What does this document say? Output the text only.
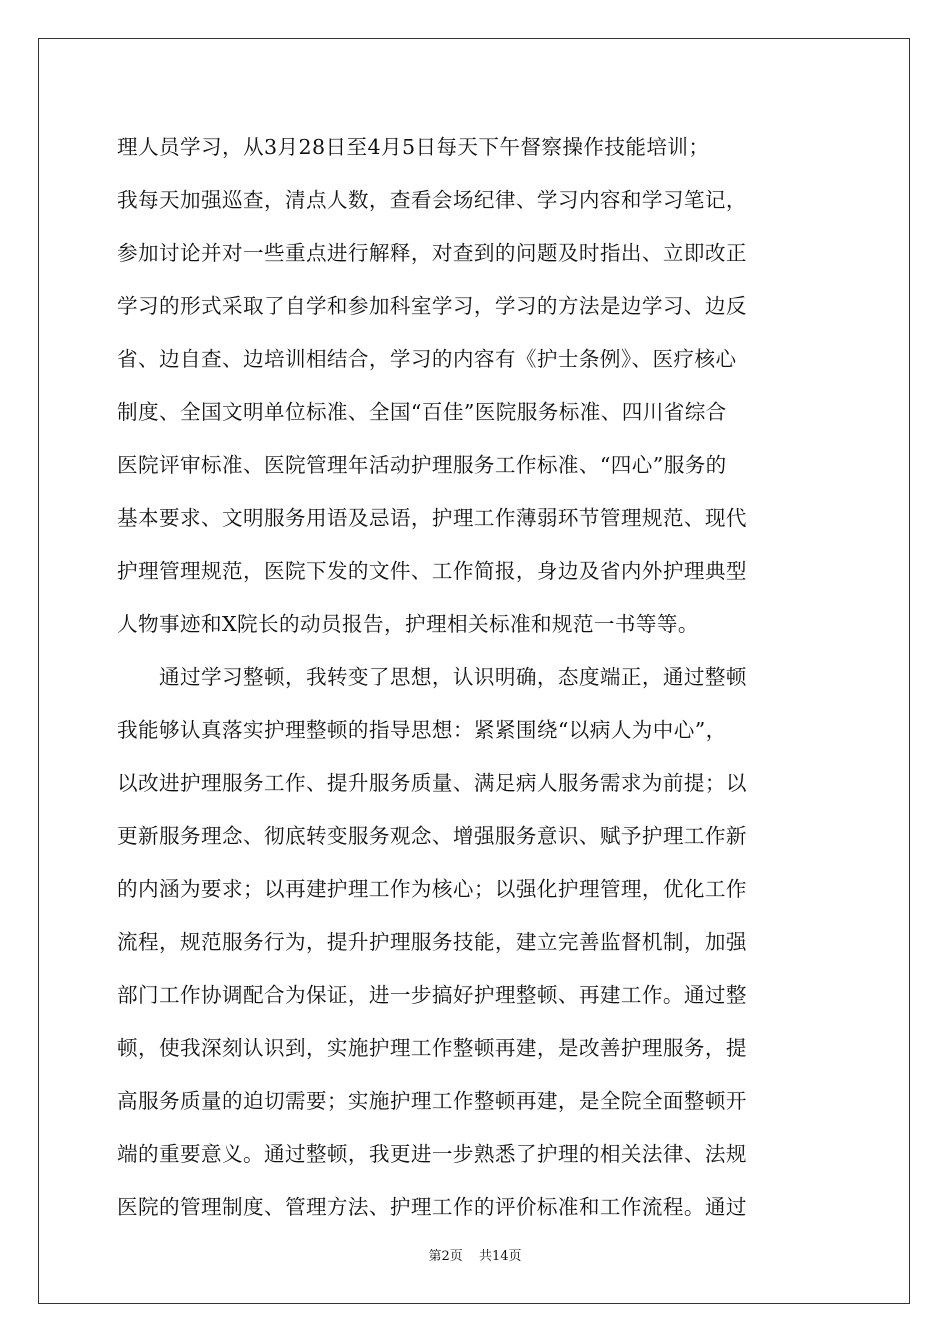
理人员学习，从3月28日至4月5日每天下午督察操作技能培训；
我每天加强巡查，清点人数，查看会场纪律、学习内容和学习笔记，
参加讨论并对一些重点进行解释，对查到的问题及时指出、立即改正
学习的形式采取了自学和参加科室学习，学习的方法是边学习、边反
省、边自查、边培训相结合，学习的内容有《护士条例》、医疗核心
制度、全国文明单位标准、全国“百佳”医院服务标准、四川省综合
医院评审标准、医院管理年活动护理服务工作标准、“四心”服务的
基本要求、文明服务用语及忌语，护理工作薄弱环节管理规范、现代
护理管理规范，医院下发的文件、工作简报，身边及省内外护理典型
人物事迹和X院长的动员报告，护理相关标准和规范一书等等。
　　通过学习整顿，我转变了思想，认识明确，态度端正，通过整顿
我能够认真落实护理整顿的指导思想：紧紧围绕“以病人为中心”，
以改进护理服务工作、提升服务质量、满足病人服务需求为前提；以
更新服务理念、彻底转变服务观念、增强服务意识、赋予护理工作新
的内涵为要求；以再建护理工作为核心；以强化护理管理，优化工作
流程，规范服务行为，提升护理服务技能，建立完善监督机制，加强
部门工作协调配合为保证，进一步搞好护理整顿、再建工作。通过整
顿，使我深刻认识到，实施护理工作整顿再建，是改善护理服务，提
高服务质量的迫切需要；实施护理工作整顿再建，是全院全面整顿开
端的重要意义。通过整顿，我更进一步熟悉了护理的相关法律、法规
医院的管理制度、管理方法、护理工作的评价标准和工作流程。通过
第2页 共14页
